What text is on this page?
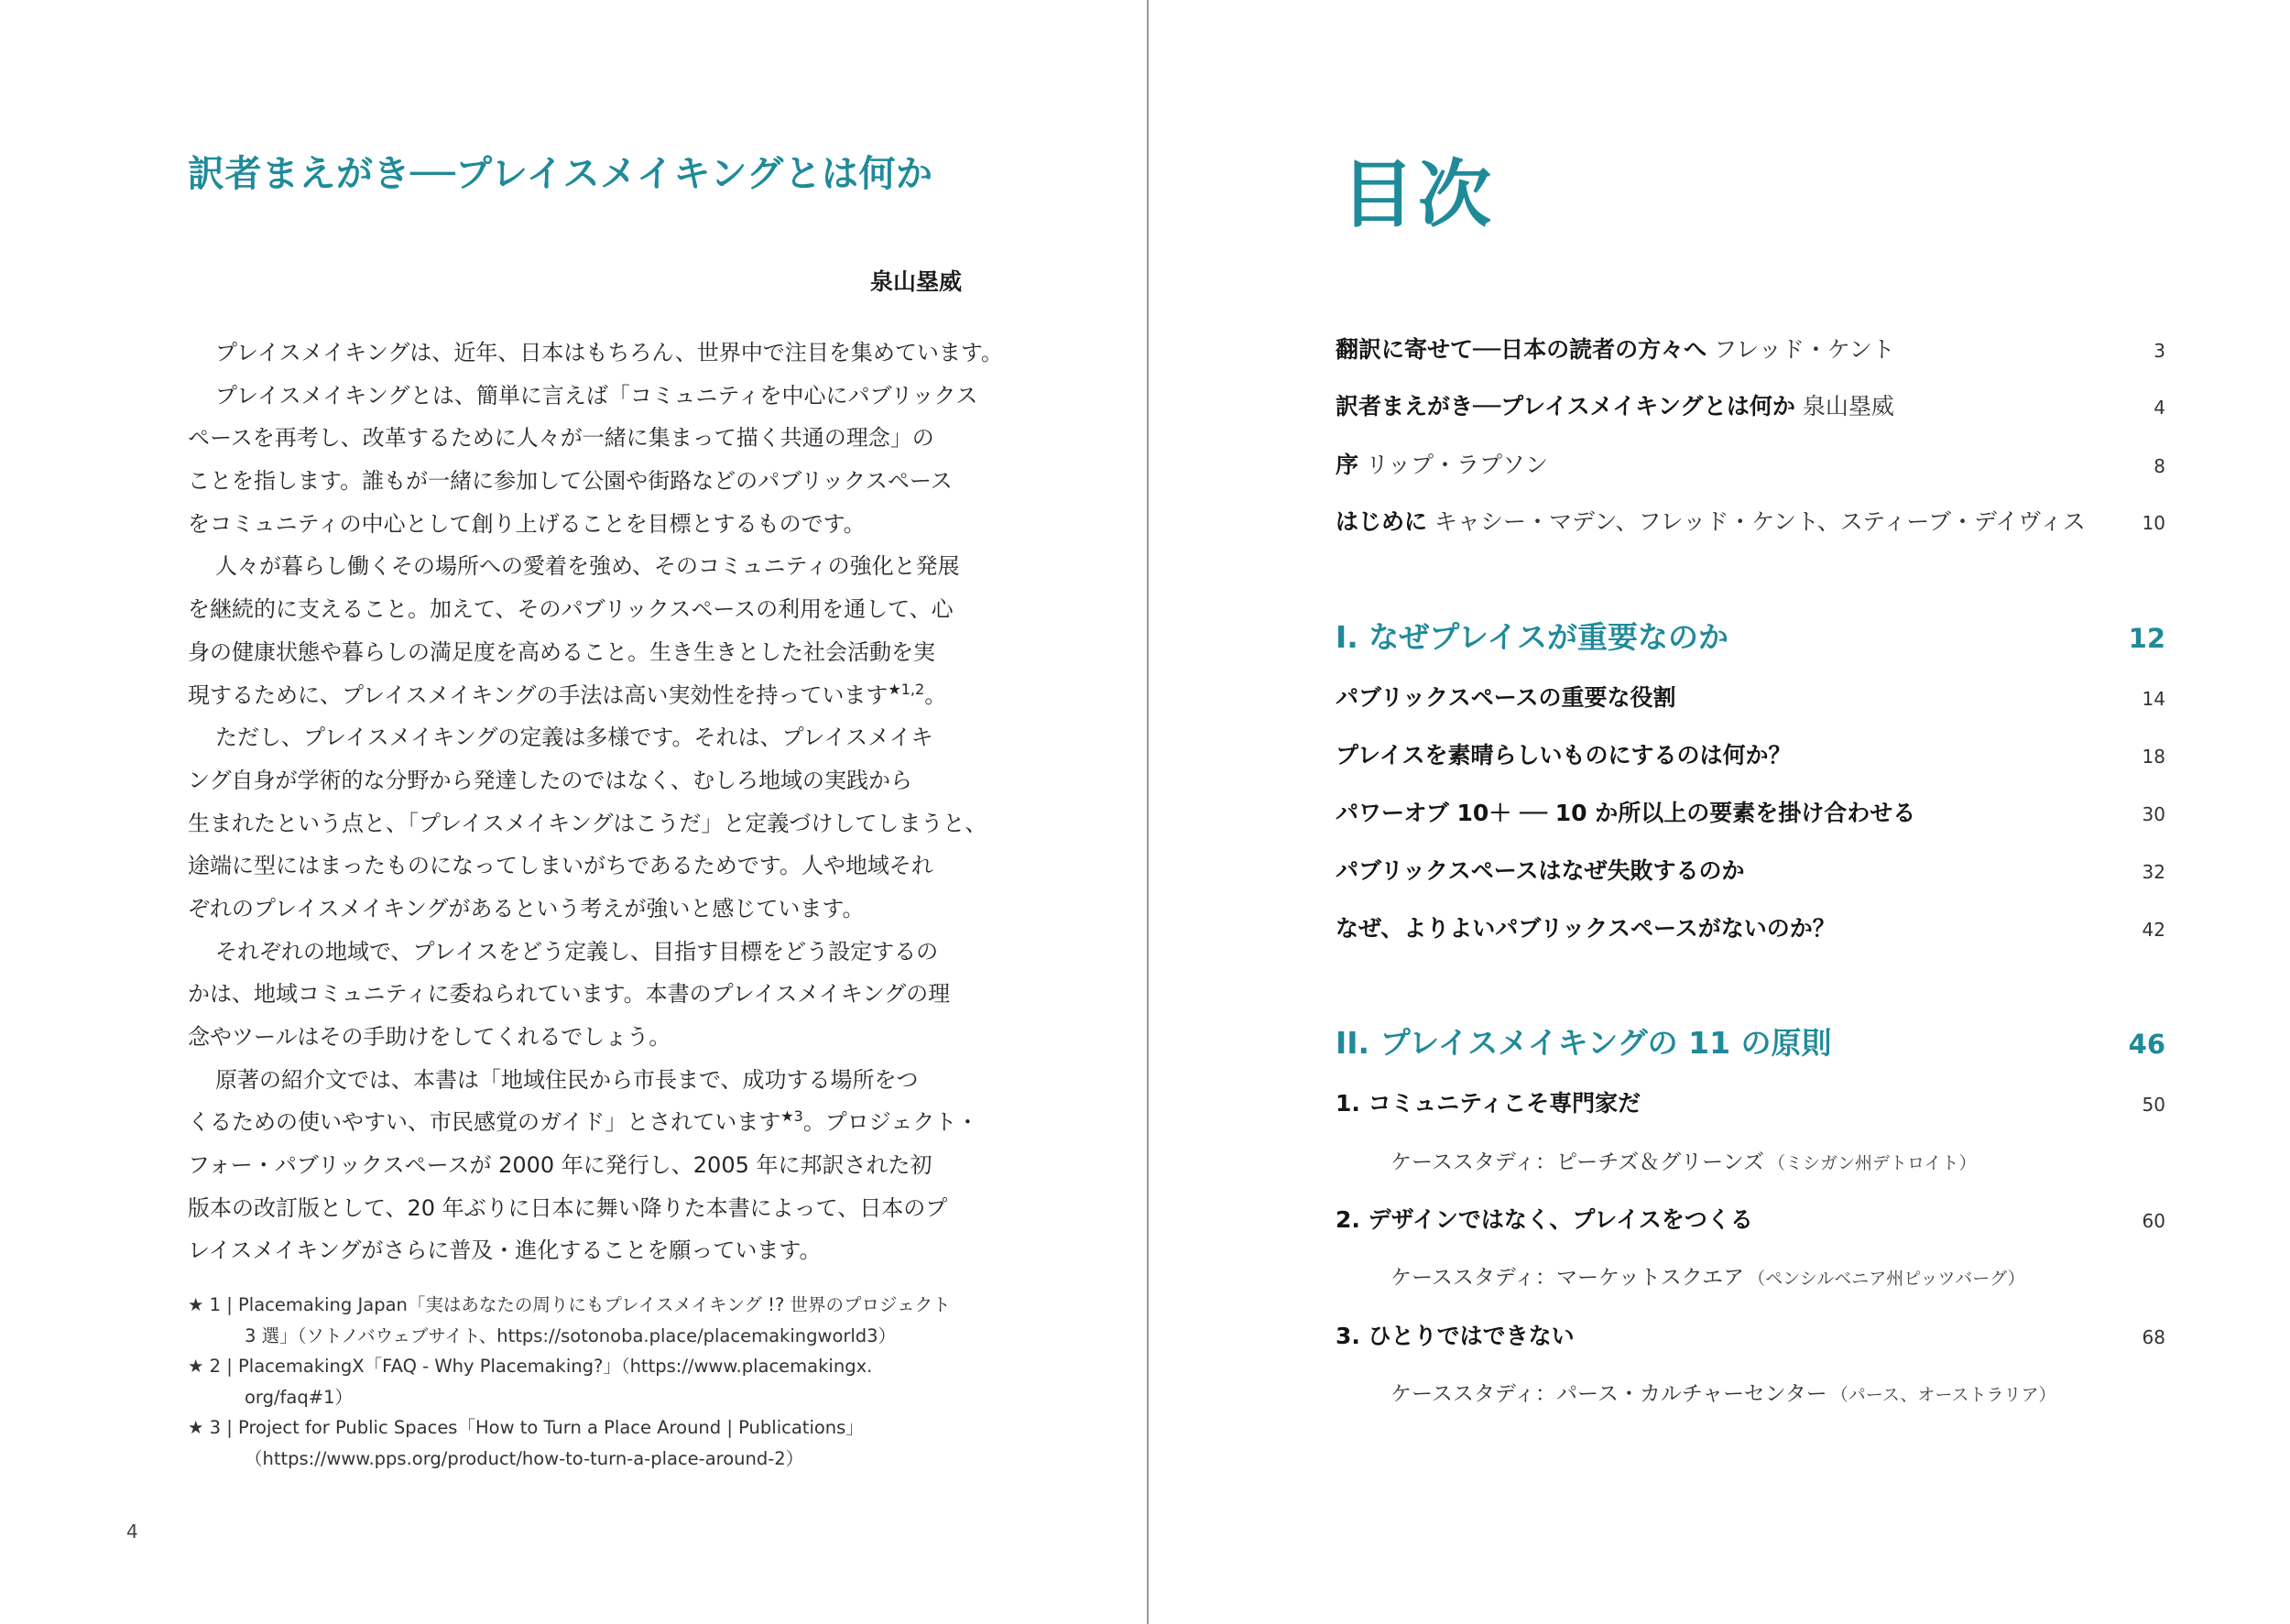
訳者まえがき──プレイスメイキングとは何か

泉山塁威

プレイスメイキングは、近年、日本はもちろん、世界中で注目を集めています。
プレイスメイキングとは、簡単に言えば「コミュニティを中心にパブリックス
ペースを再考し、改革するために人々が一緒に集まって描く共通の理念」の
ことを指します。誰もが一緒に参加して公園や街路などのパブリックスペース
をコミュニティの中心として創り上げることを目標とするものです。
人々が暮らし働くその場所への愛着を強め、そのコミュニティの強化と発展
を継続的に支えること。加えて、そのパブリックスペースの利用を通して、心
身の健康状態や暮らしの満足度を高めること。生き生きとした社会活動を実
現するために、プレイスメイキングの手法は高い実効性を持っています$^{★1,2}$。
ただし、プレイスメイキングの定義は多様です。それは、プレイスメイキ
ング自身が学術的な分野から発達したのではなく、むしろ地域の実践から
生まれたという点と、「プレイスメイキングはこうだ」と定義づけしてしまうと、
途端に型にはまったものになってしまいがちであるためです。人や地域それ
ぞれのプレイスメイキングがあるという考えが強いと感じています。
それぞれの地域で、プレイスをどう定義し、目指す目標をどう設定するの
かは、地域コミュニティに委ねられています。本書のプレイスメイキングの理
念やツールはその手助けをしてくれるでしょう。
原著の紹介文では、本書は「地域住民から市長まで、成功する場所をつ
くるための使いやすい、市民感覚のガイド」とされています$^{★3}$。プロジェクト・
フォー・パブリックスペースが 2000 年に発行し、2005 年に邦訳された初
版本の改訂版として、20 年ぶりに日本に舞い降りた本書によって、日本のプ
レイスメイキングがさらに普及・進化することを願っています。
★ 1 | Placemaking Japan「実はあなたの周りにもプレイスメイキング !? 世界のプロジェクト
3 選」（ソトノバウェブサイト、https://sotonoba.place/placemakingworld3）
★ 2 | PlacemakingX「FAQ - Why Placemaking?」（https://www.placemakingx.
org/faq#1）
★ 3 | Project for Public Spaces「How to Turn a Place Around | Publications」
（https://www.pps.org/product/how-to-turn-a-place-around-2）
4
目次
翻訳に寄せて──日本の読者の方々へ フレッド・ケント	3
訳者まえがき──プレイスメイキングとは何か 泉山塁威	4
序 リップ・ラプソン	8
はじめに キャシー・マデン、フレッド・ケント、スティーブ・デイヴィス	10
I. なぜプレイスが重要なのか	12
パブリックスペースの重要な役割	14
プレイスを素晴らしいものにするのは何か？	18
パワーオブ 10＋ ── 10 か所以上の要素を掛け合わせる	30
パブリックスペースはなぜ失敗するのか	32
なぜ、よりよいパブリックスペースがないのか？	42
II. プレイスメイキングの 11 の原則	46
1. コミュニティこそ専門家だ	50
ケーススタディ：ピーチズ＆グリーンズ （ミシガン州デトロイト）
2. デザインではなく、プレイスをつくる	60
ケーススタディ：マーケットスクエア （ペンシルベニア州ピッツバーグ）
3. ひとりではできない	68
ケーススタディ：パース・カルチャーセンター （パース、オーストラリア）
